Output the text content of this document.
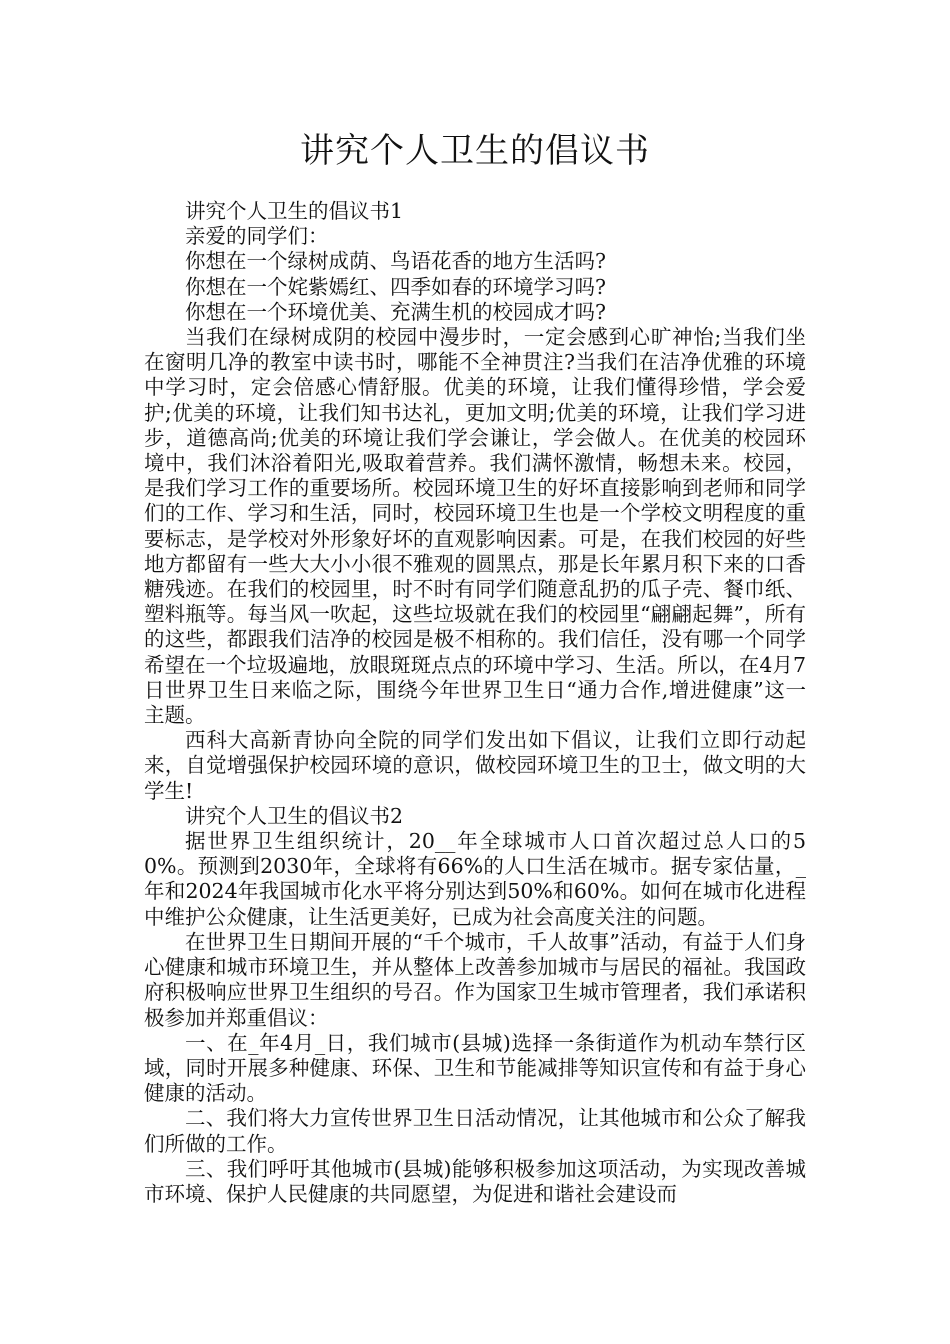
讲究个人卫生的倡议书

讲究个人卫生的倡议书1

亲爱的同学们：

你想在一个绿树成荫、鸟语花香的地方生活吗?

你想在一个姹紫嫣红、四季如春的环境学习吗?

你想在一个环境优美、充满生机的校园成才吗?

当我们在绿树成阴的校园中漫步时，一定会感到心旷神怡;当我们坐在窗明几净的教室中读书时，哪能不全神贯注?当我们在洁净优雅的环境中学习时，定会倍感心情舒服。优美的环境，让我们懂得珍惜，学会爱护;优美的环境，让我们知书达礼，更加文明;优美的环境，让我们学习进步，道德高尚;优美的环境让我们学会谦让，学会做人。在优美的校园环境中，我们沐浴着阳光,吸取着营养。我们满怀激情，畅想未来。校园，是我们学习工作的重要场所。校园环境卫生的好坏直接影响到老师和同学们的工作、学习和生活，同时，校园环境卫生也是一个学校文明程度的重要标志，是学校对外形象好坏的直观影响因素。可是，在我们校园的好些地方都留有一些大大小小很不雅观的圆黑点，那是长年累月积下来的口香糖残迹。在我们的校园里，时不时有同学们随意乱扔的瓜子壳、餐巾纸、塑料瓶等。每当风一吹起，这些垃圾就在我们的校园里“翩翩起舞”，所有的这些，都跟我们洁净的校园是极不相称的。我们信任，没有哪一个同学希望在一个垃圾遍地，放眼斑斑点点的环境中学习、生活。所以，在4月7日世界卫生日来临之际，围绕今年世界卫生日“通力合作,增进健康”这一主题。

西科大高新青协向全院的同学们发出如下倡议，让我们立即行动起来，自觉增强保护校园环境的意识，做校园环境卫生的卫士，做文明的大学生!

讲究个人卫生的倡议书2

据世界卫生组织统计，20__年全球城市人口首次超过总人口的50%。预测到2030年，全球将有66%的人口生活在城市。据专家估量，_年和2024年我国城市化水平将分别达到50%和60%。如何在城市化进程中维护公众健康，让生活更美好，已成为社会高度关注的问题。

在世界卫生日期间开展的“千个城市，千人故事”活动，有益于人们身心健康和城市环境卫生，并从整体上改善参加城市与居民的福祉。我国政府积极响应世界卫生组织的号召。作为国家卫生城市管理者，我们承诺积极参加并郑重倡议：

一、在_年4月_日，我们城市(县城)选择一条街道作为机动车禁行区域，同时开展多种健康、环保、卫生和节能减排等知识宣传和有益于身心健康的活动。

二、我们将大力宣传世界卫生日活动情况，让其他城市和公众了解我们所做的工作。

三、我们呼吁其他城市(县城)能够积极参加这项活动，为实现改善城市环境、保护人民健康的共同愿望，为促进和谐社会建设而
